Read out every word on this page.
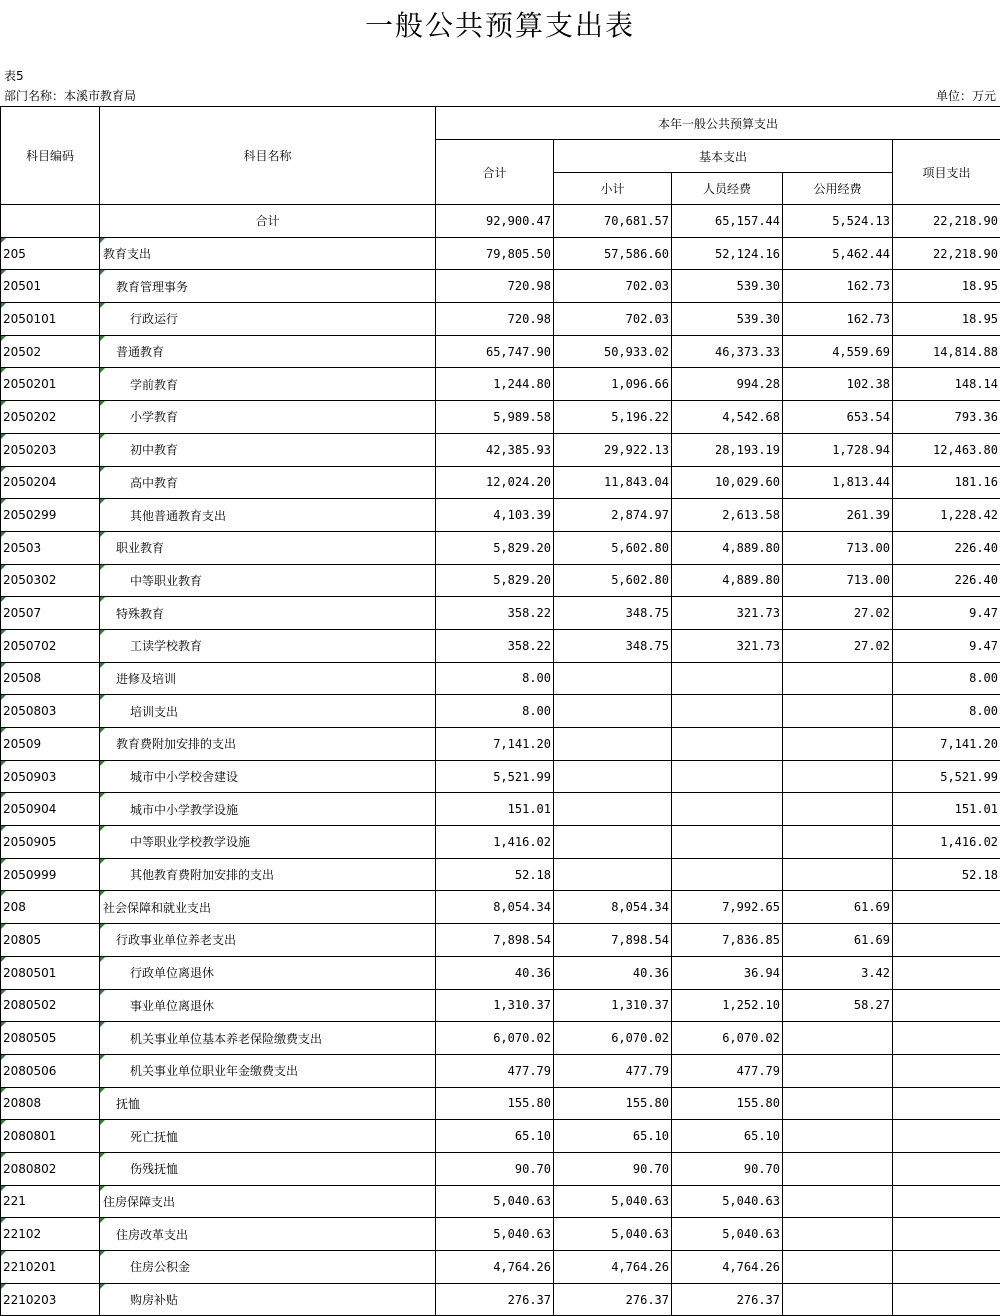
一般公共预算支出表
表5
部门名称：本溪市教育局	单位：万元
科目编码	科目名称	本年一般公共预算支出				
		合计	基本支出			项目支出
			小计	人员经费	公用经费	
	合计	92,900.47	70,681.57	65,157.44	5,524.13	22,218.90
205	教育支出	79,805.50	57,586.60	52,124.16	5,462.44	22,218.90
20501	教育管理事务	720.98	702.03	539.30	162.73	18.95
2050101	行政运行	720.98	702.03	539.30	162.73	18.95
20502	普通教育	65,747.90	50,933.02	46,373.33	4,559.69	14,814.88
2050201	学前教育	1,244.80	1,096.66	994.28	102.38	148.14
2050202	小学教育	5,989.58	5,196.22	4,542.68	653.54	793.36
2050203	初中教育	42,385.93	29,922.13	28,193.19	1,728.94	12,463.80
2050204	高中教育	12,024.20	11,843.04	10,029.60	1,813.44	181.16
2050299	其他普通教育支出	4,103.39	2,874.97	2,613.58	261.39	1,228.42
20503	职业教育	5,829.20	5,602.80	4,889.80	713.00	226.40
2050302	中等职业教育	5,829.20	5,602.80	4,889.80	713.00	226.40
20507	特殊教育	358.22	348.75	321.73	27.02	9.47
2050702	工读学校教育	358.22	348.75	321.73	27.02	9.47
20508	进修及培训	8.00				8.00
2050803	培训支出	8.00				8.00
20509	教育费附加安排的支出	7,141.20				7,141.20
2050903	城市中小学校舍建设	5,521.99				5,521.99
2050904	城市中小学教学设施	151.01				151.01
2050905	中等职业学校教学设施	1,416.02				1,416.02
2050999	其他教育费附加安排的支出	52.18				52.18
208	社会保障和就业支出	8,054.34	8,054.34	7,992.65	61.69	
20805	行政事业单位养老支出	7,898.54	7,898.54	7,836.85	61.69	
2080501	行政单位离退休	40.36	40.36	36.94	3.42	
2080502	事业单位离退休	1,310.37	1,310.37	1,252.10	58.27	
2080505	机关事业单位基本养老保险缴费支出	6,070.02	6,070.02	6,070.02		
2080506	机关事业单位职业年金缴费支出	477.79	477.79	477.79		
20808	抚恤	155.80	155.80	155.80		
2080801	死亡抚恤	65.10	65.10	65.10		
2080802	伤残抚恤	90.70	90.70	90.70		
221	住房保障支出	5,040.63	5,040.63	5,040.63		
22102	住房改革支出	5,040.63	5,040.63	5,040.63		
2210201	住房公积金	4,764.26	4,764.26	4,764.26		
2210203	购房补贴	276.37	276.37	276.37		
